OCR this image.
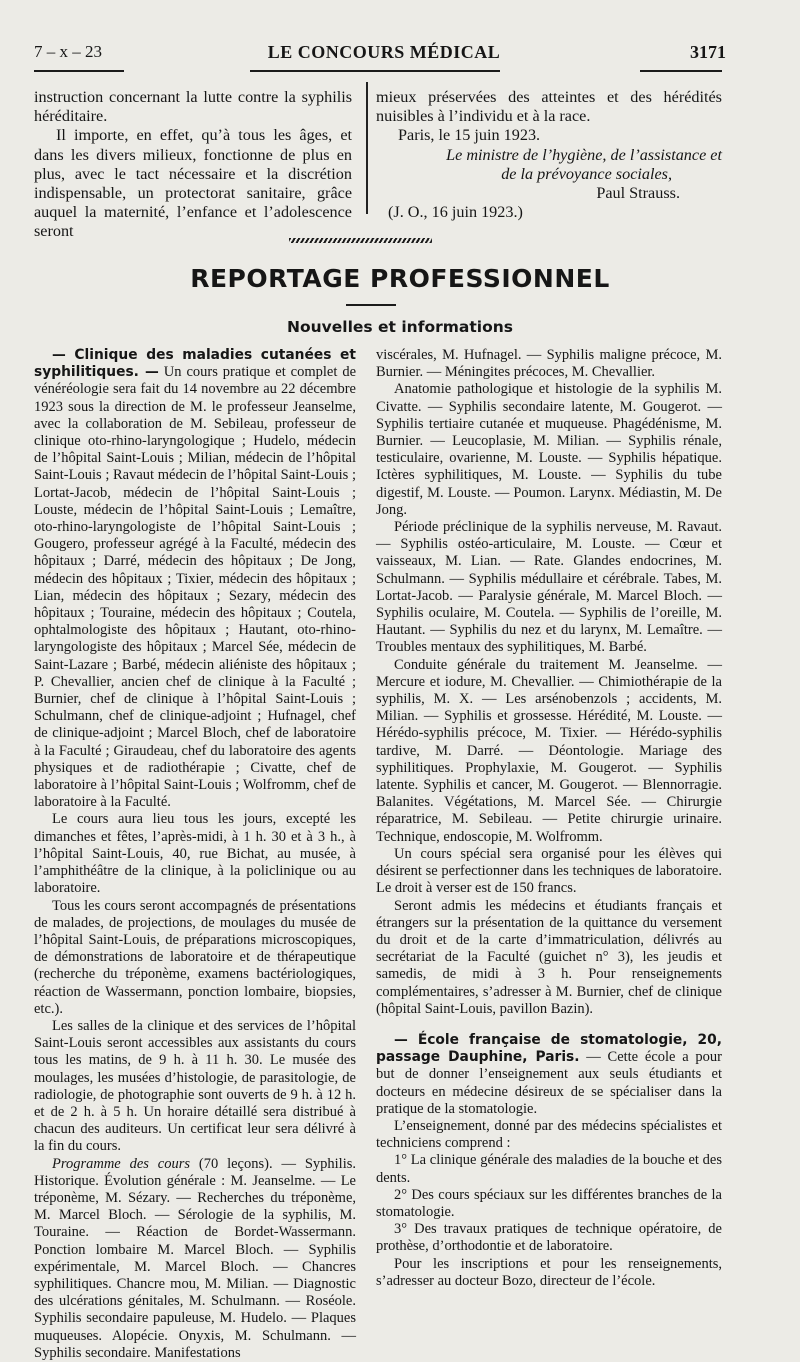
7 – x – 23	LE CONCOURS MÉDICAL	3171

instruction concernant la lutte contre la syphilis héréditaire.

Il importe, en effet, qu’à tous les âges, et dans les divers milieux, fonctionne de plus en plus, avec le tact nécessaire et la discrétion indispensable, un protectorat sanitaire, grâce auquel la maternité, l’enfance et l’adolescence seront

mieux préservées des atteintes et des hérédités nuisibles à l’individu et à la race.

Paris, le 15 juin 1923.

Le ministre de l’hygiène, de l’assistance et

de la prévoyance sociales,

Paul Strauss.

(J. O., 16 juin 1923.)

REPORTAGE PROFESSIONNEL
Nouvelles et informations

— Clinique des maladies cutanées et syphilitiques. — Un cours pratique et complet de vénéréologie sera fait du 14 novembre au 22 décembre 1923 sous la direction de M. le professeur Jeanselme, avec la collaboration de M. Sebileau, professeur de clinique oto-rhino-laryngologique ; Hudelo, médecin de l’hôpital Saint-Louis ; Milian, médecin de l’hôpital Saint-Louis ; Ravaut médecin de l’hôpital Saint-Louis ; Lortat-Jacob, médecin de l’hôpital Saint-Louis ; Louste, médecin de l’hôpital Saint-Louis ; Lemaître, oto-rhino-laryngologiste de l’hôpital Saint-Louis ; Gougero, professeur agrégé à la Faculté, médecin des hôpitaux ; Darré, médecin des hôpitaux ; De Jong, médecin des hôpitaux ; Tixier, médecin des hôpitaux ; Lian, médecin des hôpitaux ; Sezary, médecin des hôpitaux ; Touraine, médecin des hôpitaux ; Coutela, ophtalmologiste des hôpitaux ; Hautant, oto-rhino-laryngologiste des hôpitaux ; Marcel Sée, médecin de Saint-Lazare ; Barbé, médecin aliéniste des hôpitaux ; P. Chevallier, ancien chef de clinique à la Faculté ; Burnier, chef de clinique à l’hôpital Saint-Louis ; Schulmann, chef de clinique-adjoint ; Hufnagel, chef de clinique-adjoint ; Marcel Bloch, chef de laboratoire à la Faculté ; Giraudeau, chef du laboratoire des agents physiques et de radiothérapie ; Civatte, chef de laboratoire à l’hôpital Saint-Louis ; Wolfromm, chef de laboratoire à la Faculté.

Le cours aura lieu tous les jours, excepté les dimanches et fêtes, l’après-midi, à 1 h. 30 et à 3 h., à l’hôpital Saint-Louis, 40, rue Bichat, au musée, à l’amphithéâtre de la clinique, à la policlinique ou au laboratoire.

Tous les cours seront accompagnés de présentations de malades, de projections, de moulages du musée de l’hôpital Saint-Louis, de préparations microscopiques, de démonstrations de laboratoire et de thérapeutique (recherche du tréponème, examens bactériologiques, réaction de Wassermann, ponction lombaire, biopsies, etc.).

Les salles de la clinique et des services de l’hôpital Saint-Louis seront accessibles aux assistants du cours tous les matins, de 9 h. à 11 h. 30. Le musée des moulages, les musées d’histologie, de parasitologie, de radiologie, de photographie sont ouverts de 9 h. à 12 h. et de 2 h. à 5 h. Un horaire détaillé sera distribué à chacun des auditeurs. Un certificat leur sera délivré à la fin du cours.

Programme des cours (70 leçons). — Syphilis. Historique. Évolution générale : M. Jeanselme. — Le tréponème, M. Sézary. — Recherches du tréponème, M. Marcel Bloch. — Sérologie de la syphilis, M. Touraine. — Réaction de Bordet-Wassermann. Ponction lombaire M. Marcel Bloch. — Syphilis expérimentale, M. Marcel Bloch. — Chancres syphilitiques. Chancre mou, M. Milian. — Diagnostic des ulcérations génitales, M. Schulmann. — Roséole. Syphilis secondaire papuleuse, M. Hudelo. — Plaques muqueuses. Alopécie. Onyxis, M. Schulmann. — Syphilis secondaire. Manifestations

viscérales, M. Hufnagel. — Syphilis maligne précoce, M. Burnier. — Méningites précoces, M. Chevallier.

Anatomie pathologique et histologie de la syphilis M. Civatte. — Syphilis secondaire latente, M. Gougerot. — Syphilis tertiaire cutanée et muqueuse. Phagédénisme, M. Burnier. — Leucoplasie, M. Milian. — Syphilis rénale, testiculaire, ovarienne, M. Louste. — Syphilis hépatique. Ictères syphilitiques, M. Louste. — Syphilis du tube digestif, M. Louste. — Poumon. Larynx. Médiastin, M. De Jong.

Période préclinique de la syphilis nerveuse, M. Ravaut. — Syphilis ostéo-articulaire, M. Louste. — Cœur et vaisseaux, M. Lian. — Rate. Glandes endocrines, M. Schulmann. — Syphilis médullaire et cérébrale. Tabes, M. Lortat-Jacob. — Paralysie générale, M. Marcel Bloch. — Syphilis oculaire, M. Coutela. — Syphilis de l’oreille, M. Hautant. — Syphilis du nez et du larynx, M. Lemaître. — Troubles mentaux des syphilitiques, M. Barbé.

Conduite générale du traitement M. Jeanselme. — Mercure et iodure, M. Chevallier. — Chimiothérapie de la syphilis, M. X. — Les arsénobenzols ; accidents, M. Milian. — Syphilis et grossesse. Hérédité, M. Louste. — Hérédo-syphilis précoce, M. Tixier. — Hérédo-syphilis tardive, M. Darré. — Déontologie. Mariage des syphilitiques. Prophylaxie, M. Gougerot. — Syphilis latente. Syphilis et cancer, M. Gougerot. — Blennorragie. Balanites. Végétations, M. Marcel Sée. — Chirurgie réparatrice, M. Sebileau. — Petite chirurgie urinaire. Technique, endoscopie, M. Wolfromm.

Un cours spécial sera organisé pour les élèves qui désirent se perfectionner dans les techniques de laboratoire. Le droit à verser est de 150 francs.

Seront admis les médecins et étudiants français et étrangers sur la présentation de la quittance du versement du droit et de la carte d’immatriculation, délivrés au secrétariat de la Faculté (guichet n° 3), les jeudis et samedis, de midi à 3 h. Pour renseignements complémentaires, s’adresser à M. Burnier, chef de clinique (hôpital Saint-Louis, pavillon Bazin).

— École française de stomatologie, 20, passage Dauphine, Paris. — Cette école a pour but de donner l’enseignement aux seuls étudiants et docteurs en médecine désireux de se spécialiser dans la pratique de la stomatologie.

L’enseignement, donné par des médecins spécialistes et techniciens comprend :

1° La clinique générale des maladies de la bouche et des dents.

2° Des cours spéciaux sur les différentes branches de la stomatologie.

3° Des travaux pratiques de technique opératoire, de prothèse, d’orthodontie et de laboratoire.

Pour les inscriptions et pour les renseignements, s’adresser au docteur Bozo, directeur de l’école.
